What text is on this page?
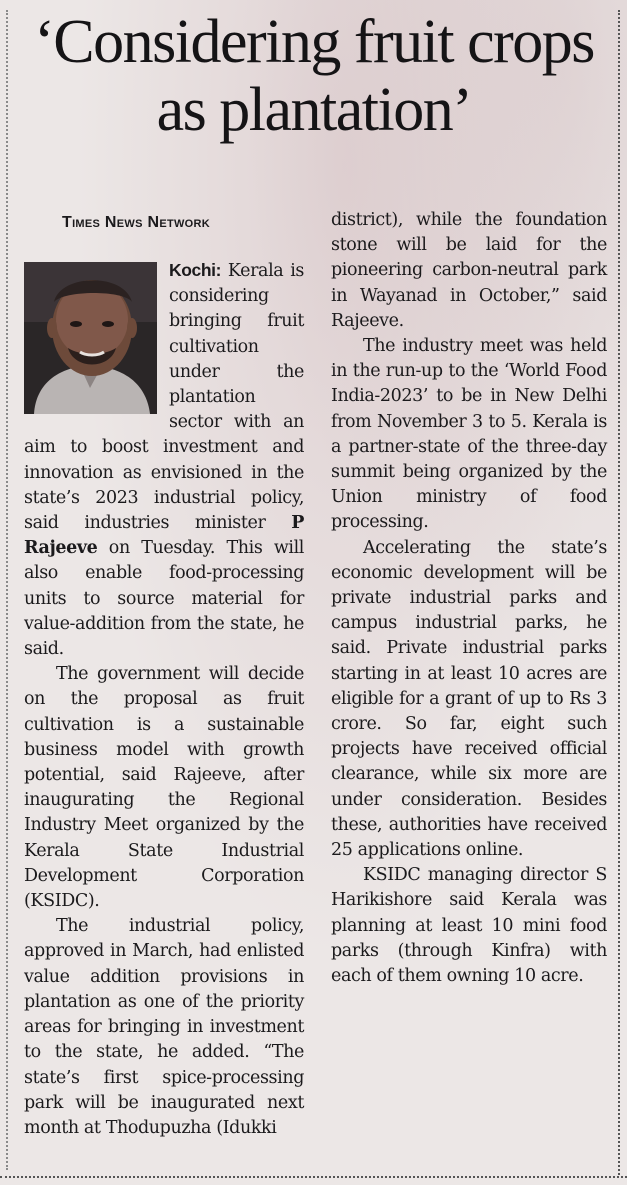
‘Considering fruit crops as plantation’
Times News Network

Kochi:
Kerala is considering bringing fruit cultivation under the plantation sector with an aim to boost investment and innovation as envisioned in the state’s 2023 industrial policy, said industries minister P Rajeeve on Tuesday. This will also enable food-processing units to source material for value-addition from the state, he said.

The government will decide on the proposal as fruit cultivation is a sustainable business model with growth potential, said Rajeeve, after inaugurating the Regional Industry Meet organized by the Kerala State Industrial Development Corporation (KSIDC).

The industrial policy, approved in March, had enlisted value addition provisions in plantation as one of the priority areas for bringing in investment to the state, he added. “The state’s first spice-processing park will be inaugurated next month at Thodupuzha (Idukki

district), while the foundation stone will be laid for the pioneering carbon-neutral park in Wayanad in October,” said Rajeeve.

The industry meet was held in the run-up to the ‘World Food India-2023’ to be in New Delhi from November 3 to 5. Kerala is a partner-state of the three-day summit being organized by the Union ministry of food processing.

Accelerating the state’s economic development will be private industrial parks and campus industrial parks, he said. Private industrial parks starting in at least 10 acres are eligible for a grant of up to Rs 3 crore. So far, eight such projects have received official clearance, while six more are under consideration. Besides these, authorities have received 25 applications online.

KSIDC managing director S Harikishore said Kerala was planning at least 10 mini food parks (through Kinfra) with each of them owning 10 acre.
